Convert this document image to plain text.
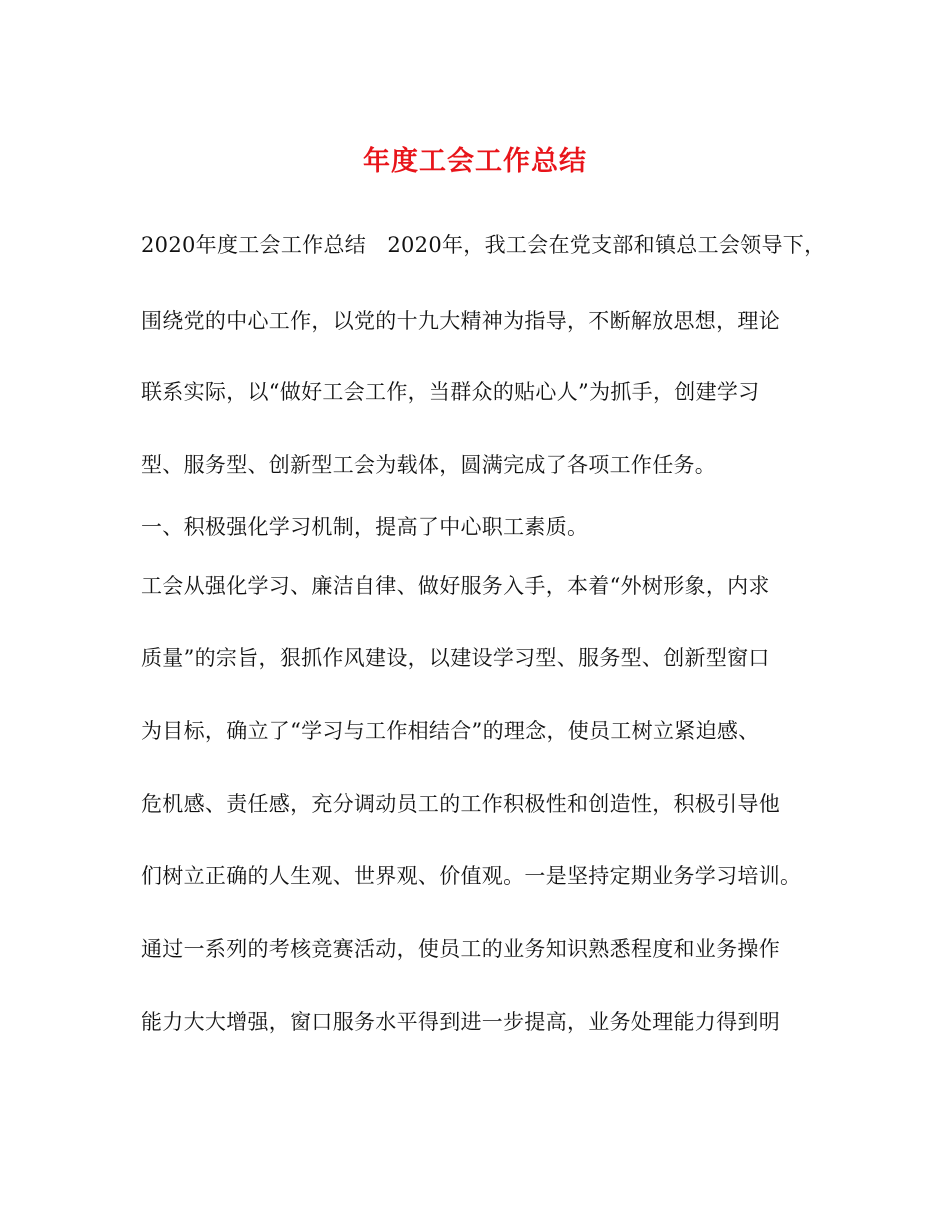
年度工会工作总结
2020年度工会工作总结　2020年，我工会在党支部和镇总工会领导下，
围绕党的中心工作，以党的十九大精神为指导，不断解放思想，理论
联系实际，以“做好工会工作，当群众的贴心人”为抓手，创建学习
型、服务型、创新型工会为载体，圆满完成了各项工作任务。
一、积极强化学习机制，提高了中心职工素质。
工会从强化学习、廉洁自律、做好服务入手，本着“外树形象，内求
质量”的宗旨，狠抓作风建设，以建设学习型、服务型、创新型窗口
为目标，确立了“学习与工作相结合”的理念，使员工树立紧迫感、
危机感、责任感，充分调动员工的工作积极性和创造性，积极引导他
们树立正确的人生观、世界观、价值观。一是坚持定期业务学习培训。
通过一系列的考核竞赛活动，使员工的业务知识熟悉程度和业务操作
能力大大增强，窗口服务水平得到进一步提高，业务处理能力得到明
